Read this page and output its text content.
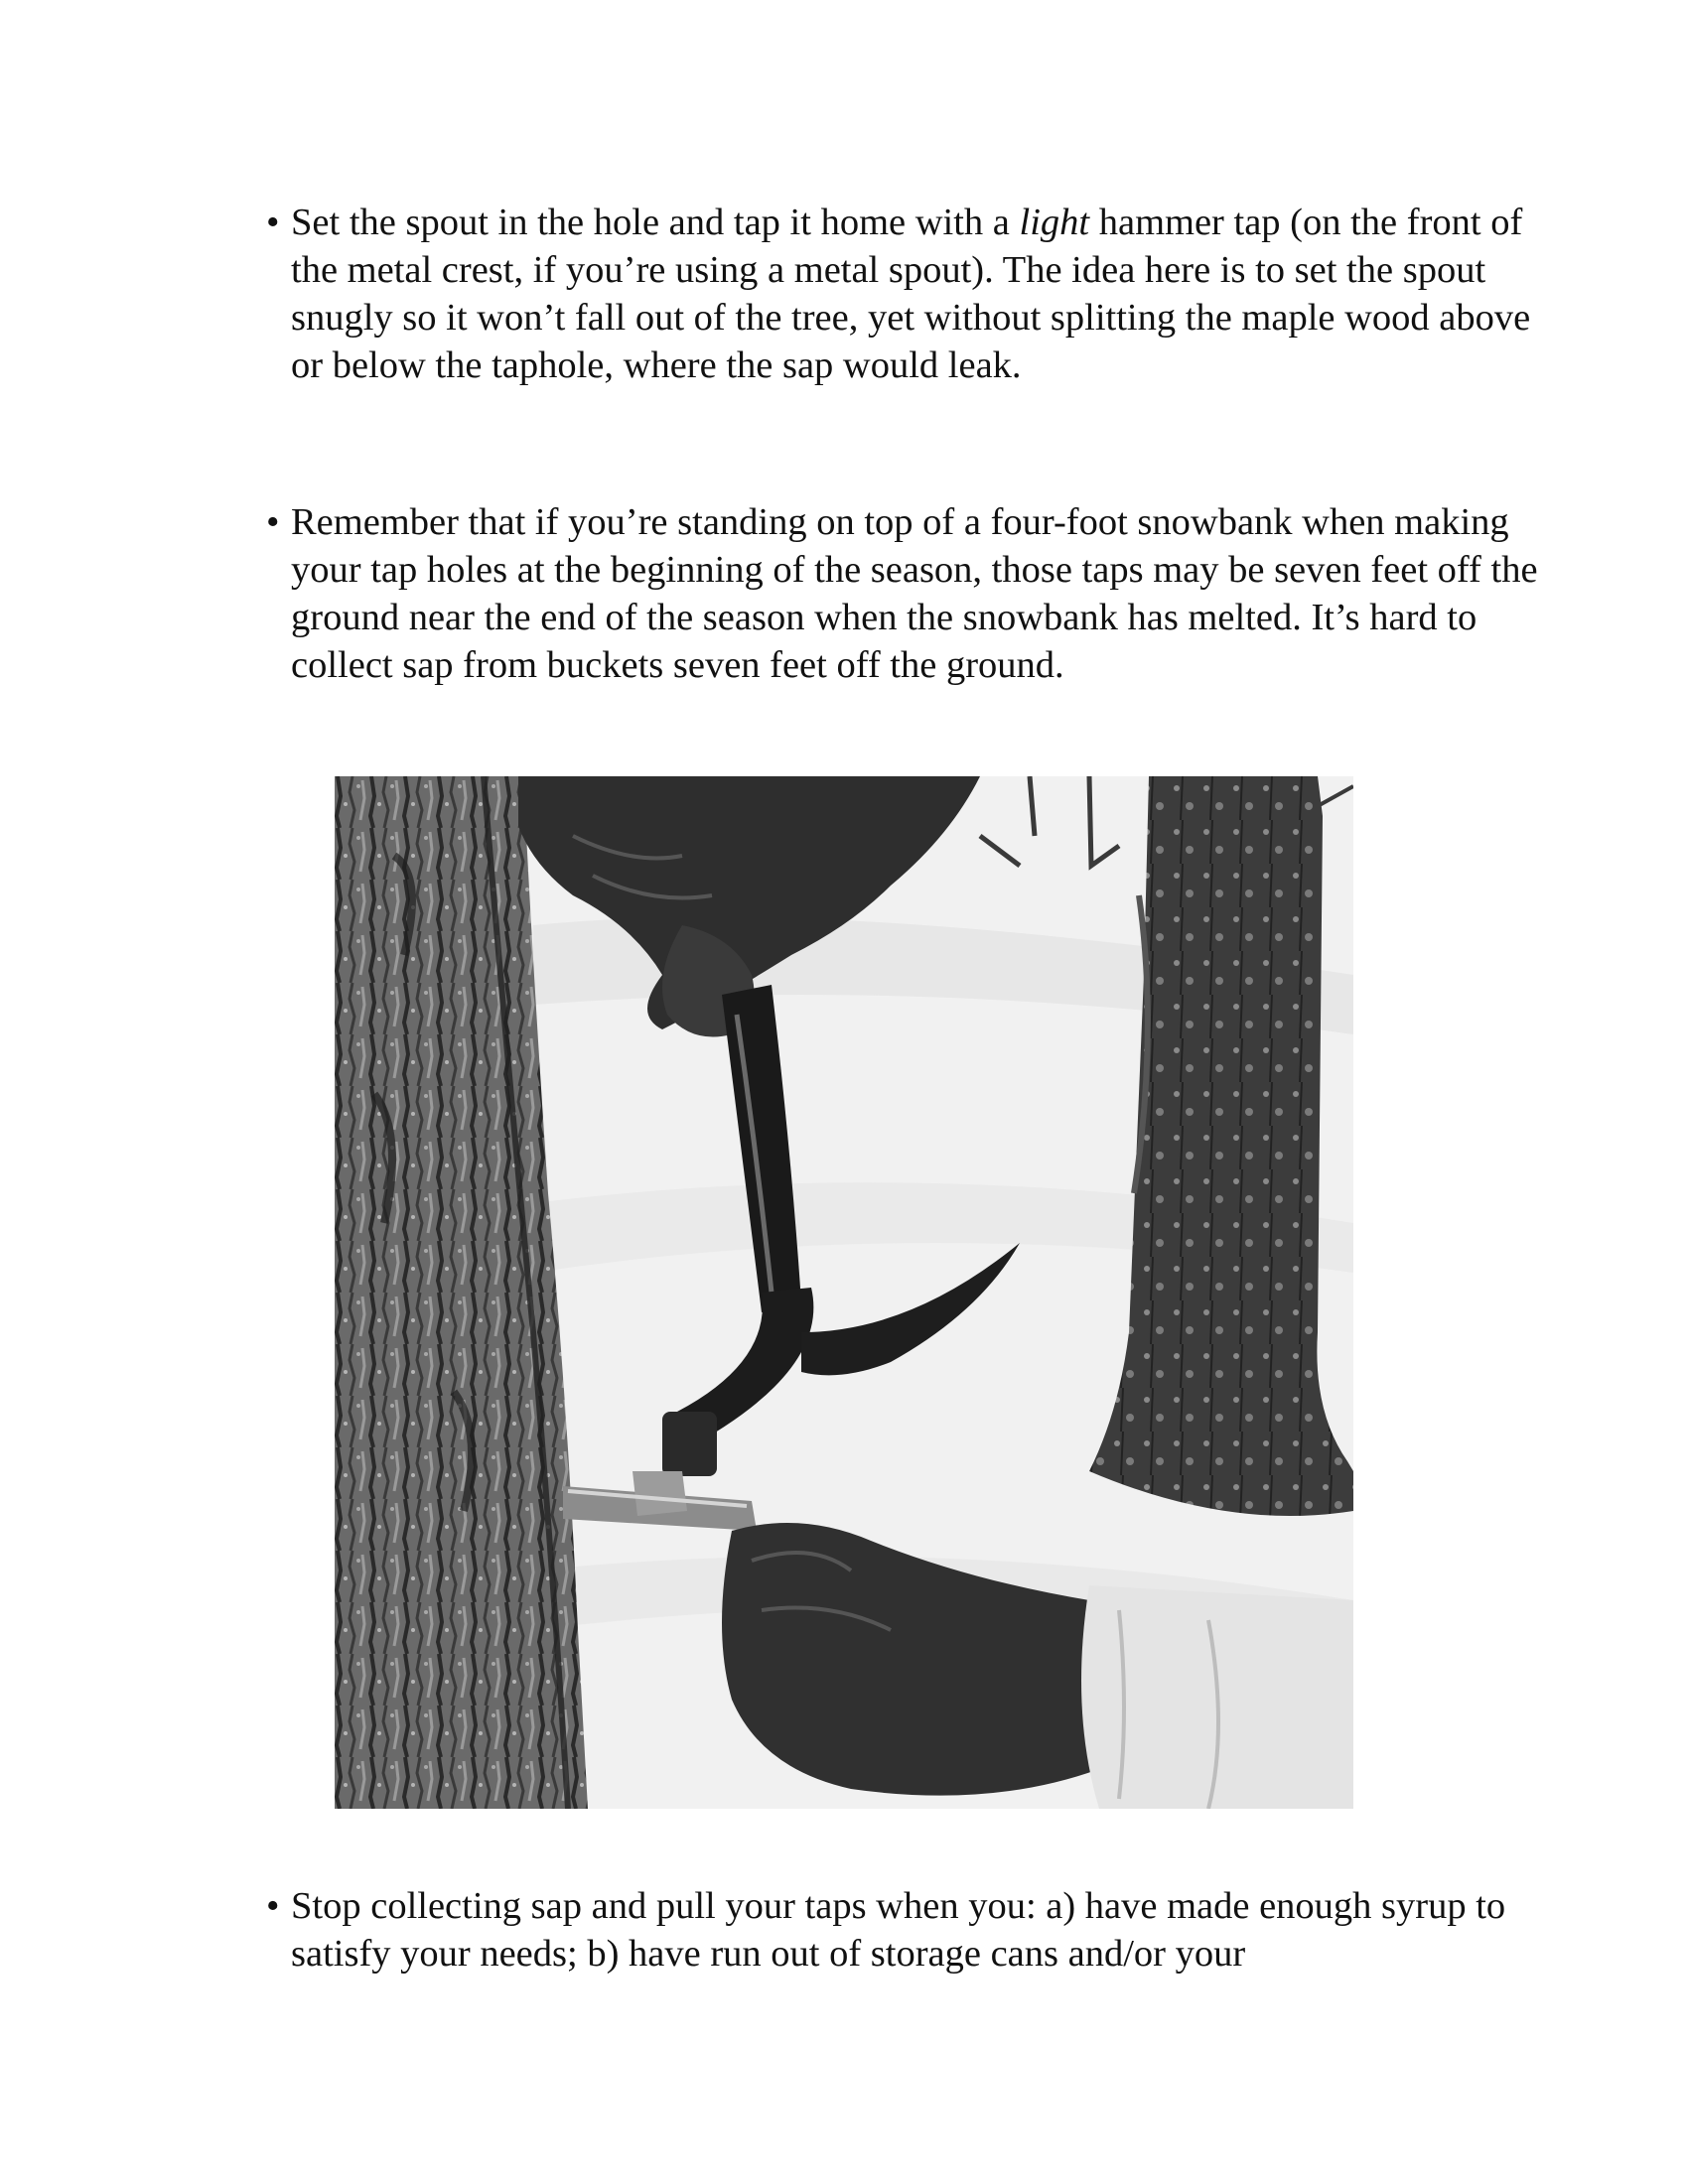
• Set the spout in the hole and tap it home with a light hammer tap (on the front of the metal crest, if you’re using a metal spout). The idea here is to set the spout snugly so it won’t fall out of the tree, yet without splitting the maple wood above or below the taphole, where the sap would leak.

• Remember that if you’re standing on top of a four-foot snowbank when making your tap holes at the beginning of the season, those taps may be seven feet off the ground near the end of the season when the snowbank has melted. It’s hard to collect sap from buckets seven feet off the ground.

• Stop collecting sap and pull your taps when you: a) have made enough syrup to satisfy your needs; b) have run out of storage cans and/or your
